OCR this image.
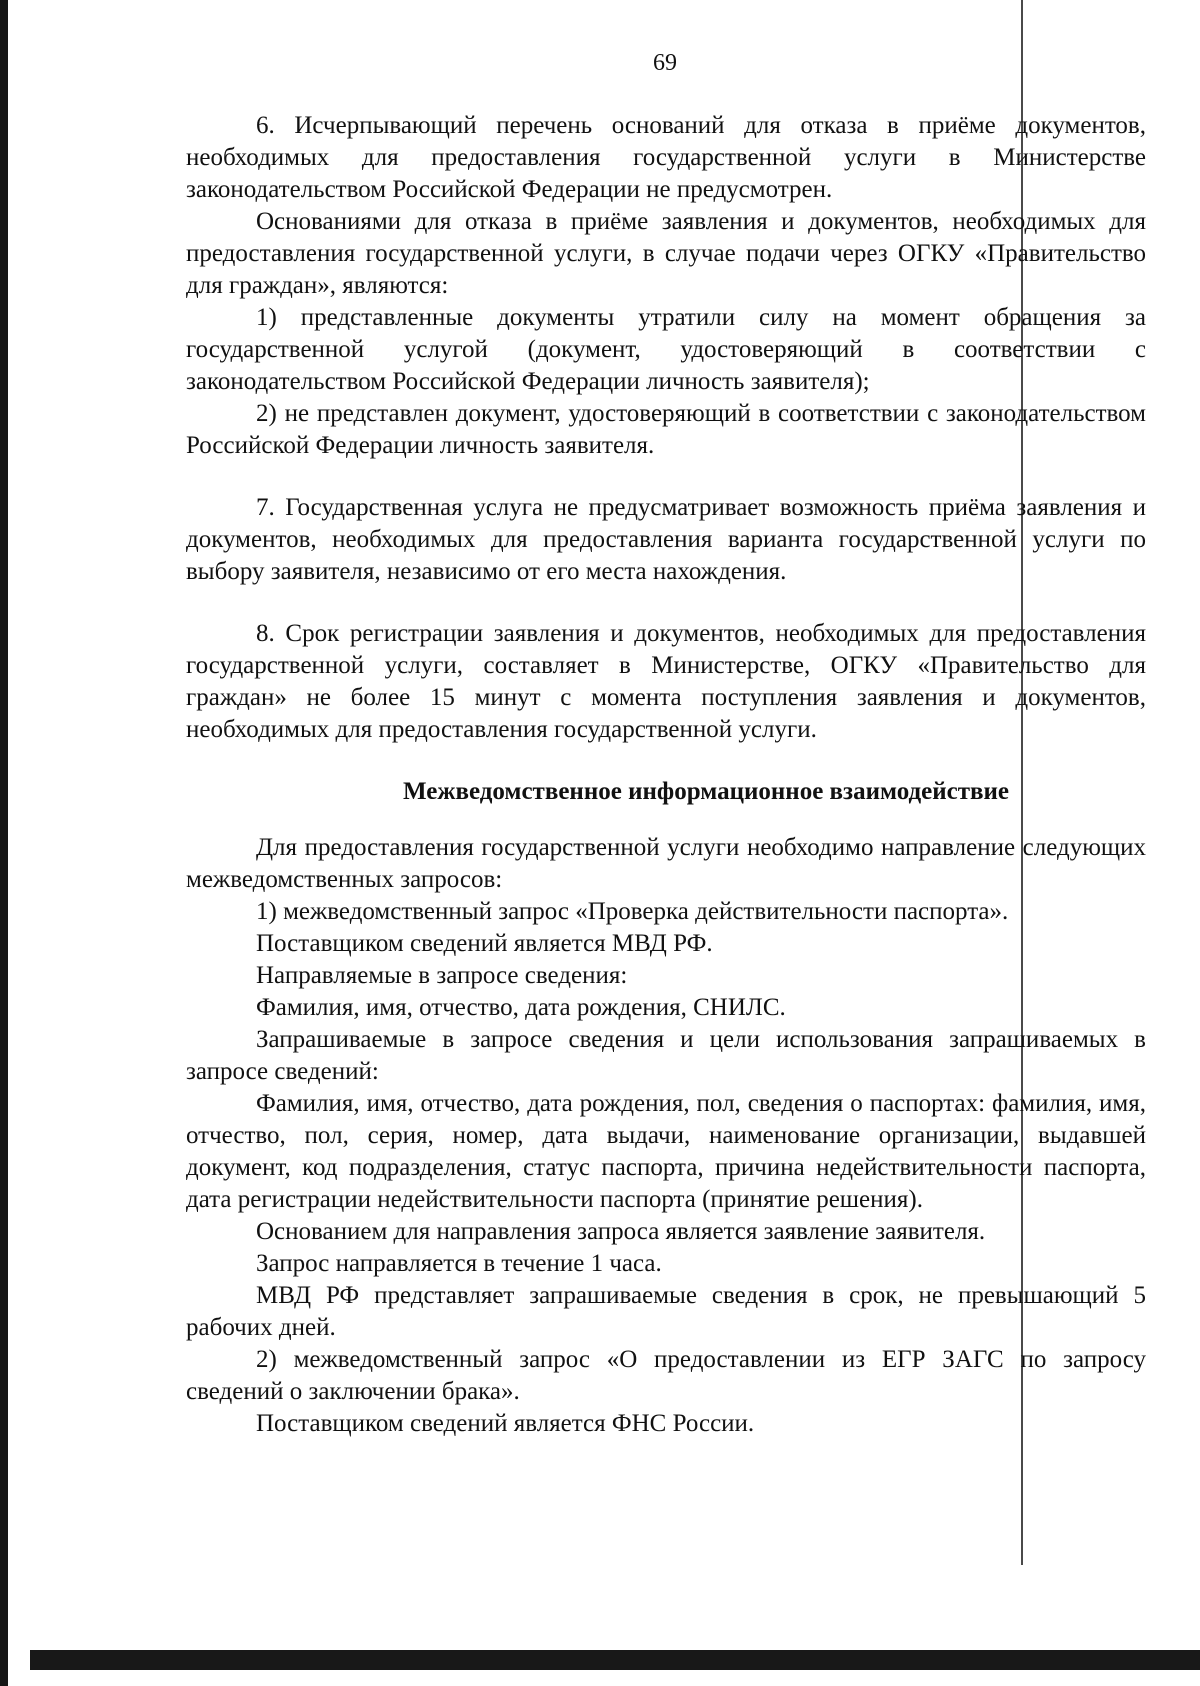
69

6. Исчерпывающий перечень оснований для отказа в приёме документов, необходимых для предоставления государственной услуги в Министерстве законодательством Российской Федерации не предусмотрен.

Основаниями для отказа в приёме заявления и документов, необходимых для предоставления государственной услуги, в случае подачи через ОГКУ «Правительство для граждан», являются:

1) представленные документы утратили силу на момент обращения за государственной услугой (документ, удостоверяющий в соответствии с законодательством Российской Федерации личность заявителя);

2) не представлен документ, удостоверяющий в соответствии с законодательством Российской Федерации личность заявителя.

7. Государственная услуга не предусматривает возможность приёма заявления и документов, необходимых для предоставления варианта государственной услуги по выбору заявителя, независимо от его места нахождения.

8. Срок регистрации заявления и документов, необходимых для предоставления государственной услуги, составляет в Министерстве, ОГКУ «Правительство для граждан» не более 15 минут с момента поступления заявления и документов, необходимых для предоставления государственной услуги.

Межведомственное информационное взаимодействие

Для предоставления государственной услуги необходимо направление следующих межведомственных запросов:

1) межведомственный запрос «Проверка действительности паспорта».

Поставщиком сведений является МВД РФ.

Направляемые в запросе сведения:

Фамилия, имя, отчество, дата рождения, СНИЛС.

Запрашиваемые в запросе сведения и цели использования запрашиваемых в запросе сведений:

Фамилия, имя, отчество, дата рождения, пол, сведения о паспортах: фамилия, имя, отчество, пол, серия, номер, дата выдачи, наименование организации, выдавшей документ, код подразделения, статус паспорта, причина недействительности паспорта, дата регистрации недействительности паспорта (принятие решения).

Основанием для направления запроса является заявление заявителя.

Запрос направляется в течение 1 часа.

МВД РФ представляет запрашиваемые сведения в срок, не превышающий 5 рабочих дней.

2) межведомственный запрос «О предоставлении из ЕГР ЗАГС по запросу сведений о заключении брака».

Поставщиком сведений является ФНС России.
